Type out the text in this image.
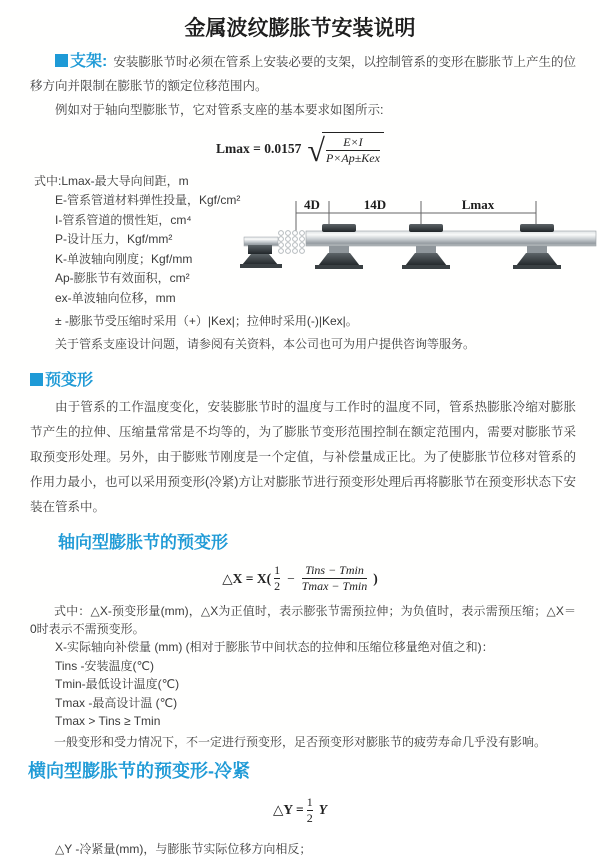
金属波纹膨胀节安装说明

支架: 安装膨胀节时必须在管系上安装必要的支架，以控制管系的变形在膨胀节上产生的位移方向并限制在膨胀节的额定位移范围内。

例如对于轴向型膨胀节，它对管系支座的基本要求如图所示:

Lmax = 0.0157 √ $\frac{E\times I}{\text{P×Ap±Kex}}$
式中:Lmax-最大导向间距，m
E-管系管道材料弹性投量，Kgf/cm²
I-管系管道的惯性矩，cm⁴
P-设计压力，Kgf/mm²
K-单波轴向刚度；Kgf/mm
Ap-膨胀节有效面积，cm²
ex-单波轴向位移，mm
4D	14D	Lmax
± -膨胀节受压缩时采用（+）|Kex|；拉伸时采用(-)|Kex|。
关于管系支座设计问题，请参阅有关资料，本公司也可为用户提供咨询等服务。
预变形

由于管系的工作温度变化，安装膨胀节时的温度与工作时的温度不同，管系热膨胀冷缩对膨胀节产生的拉伸、压缩量常常是不均等的，为了膨胀节变形范围控制在额定范围内，需要对膨胀节采取预变形处理。另外，由于膨账节刚度是一个定值，与补偿量成正比。为了使膨胀节位移对管系的作用力最小，也可以采用预变形(冷紧)方让对膨胀节进行预变形处理后再将膨胀节在预变形状态下安装在管系中。

轴向型膨胀节的预变形
△X = $X( \frac{1}{2} - \frac{\text{Tins − Tmin}}{Tmax - Tmin}$ )

式中：△X-预变形量(mm)，△X为正值时，表示膨张节需预拉伸；为负值时，表示需预压缩；△X＝0时表示不需预变形。

X-实际轴向补偿量 (mm) (相对于膨胀节中间状态的拉伸和压缩位移量绝对值之和)：
Tins -安装温度(℃)
Tmin-最低设计温度(℃)
Tmax -最高设计温 (℃)
Tmax > Tins ≥ Tmin

一般变形和受力情况下，不一定进行预变形，足否预变形对膨胀节的疲劳寿命几乎没有影响。

横向型膨胀节的预变形-冷紧
△Y = $\frac{1}{2}$ Y
△Y -冷紧量(mm)，与膨胀节实际位移方向相反；
